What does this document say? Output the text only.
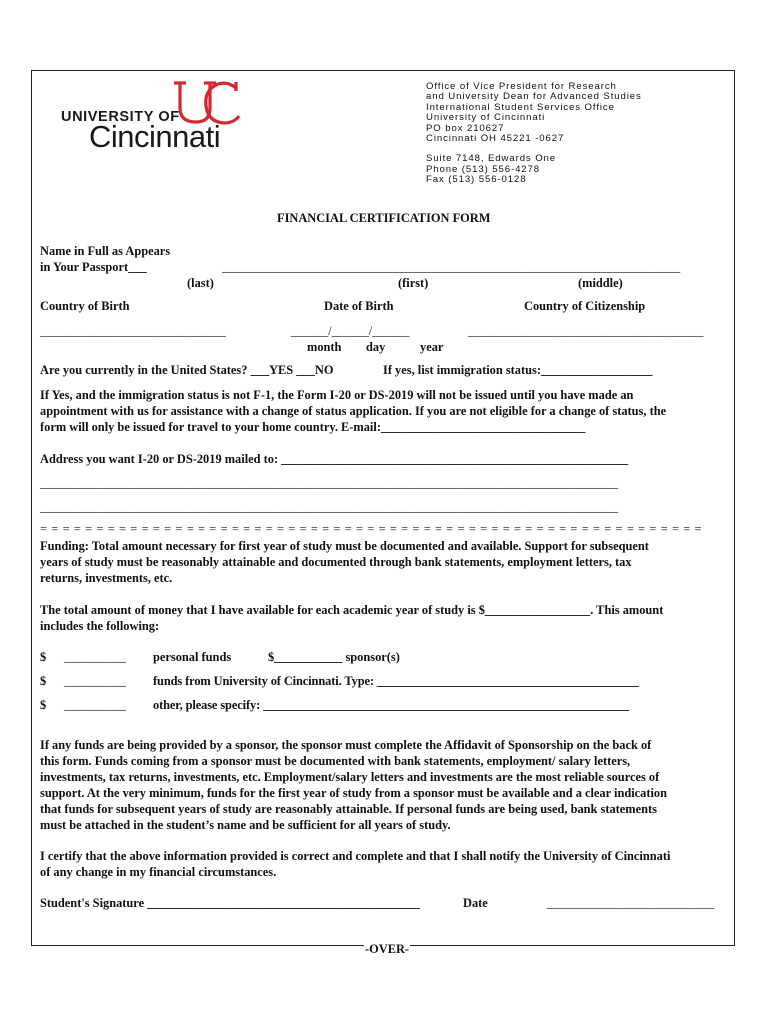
UNIVERSITY OF
Cincinnati
Office of Vice President for Research
and University Dean for Advanced Studies
International Student Services Office
University of Cincinnati
PO box 210627
Cincinnati OH 45221 -0627
Suite 7148, Edwards One
Phone (513) 556-4278
Fax (513) 556-0128
FINANCIAL CERTIFICATION FORM
Name in Full as Appears
in Your Passport___	_______________________________________________________________________________
(last)	(first)	(middle)
Country of Birth	Date of Birth	Country of Citizenship
______________________________	______/______/______	______________________________________
month day	year
Are you currently in the United States? ___YES ___NO	If yes, list immigration status:__________________
If Yes, and the immigration status is not F-1, the Form I-20 or DS-2019 will not be issued until you have made an
appointment with us for assistance with a change of status application. If you are not eligible for a change of status, the
form will only be issued for travel to your home country. E-mail:_________________________________
Address you want I-20 or DS-2019 mailed to: ________________________________________________________
__________________________________________________________________________________________________
__________________________________________________________________________________________________
= = = = = = = = = = = = = = = = = = = = = = = = = = = = = = = = = = = = = = = = = = = = = = = = = = = = = = = = = = =
Funding: Total amount necessary for first year of study must be documented and available. Support for subsequent
years of study must be reasonably attainable and documented through bank statements, employment letters, tax
returns, investments, etc.
The total amount of money that I have available for each academic year of study is $_________________. This amount
includes the following:
$ __________ personal funds	$___________ sponsor(s)
$ __________ funds from University of Cincinnati. Type: ___________________________________________
$ __________ other, please specify: ____________________________________________________________
If any funds are being provided by a sponsor, the sponsor must complete the Affidavit of Sponsorship on the back of
this form. Funds coming from a sponsor must be documented with bank statements, employment/ salary letters,
investments, tax returns, investments, etc. Employment/salary letters and investments are the most reliable sources of
support. At the very minimum, funds for the first year of study from a sponsor must be available and a clear indication
that funds for subsequent years of study are reasonably attainable. If personal funds are being used, bank statements
must be attached in the student’s name and be sufficient for all years of study.
I certify that the above information provided is correct and complete and that I shall notify the University of Cincinnati
of any change in my financial circumstances.
Student's Signature ____________________________________________	Date	___________________________
-OVER-
